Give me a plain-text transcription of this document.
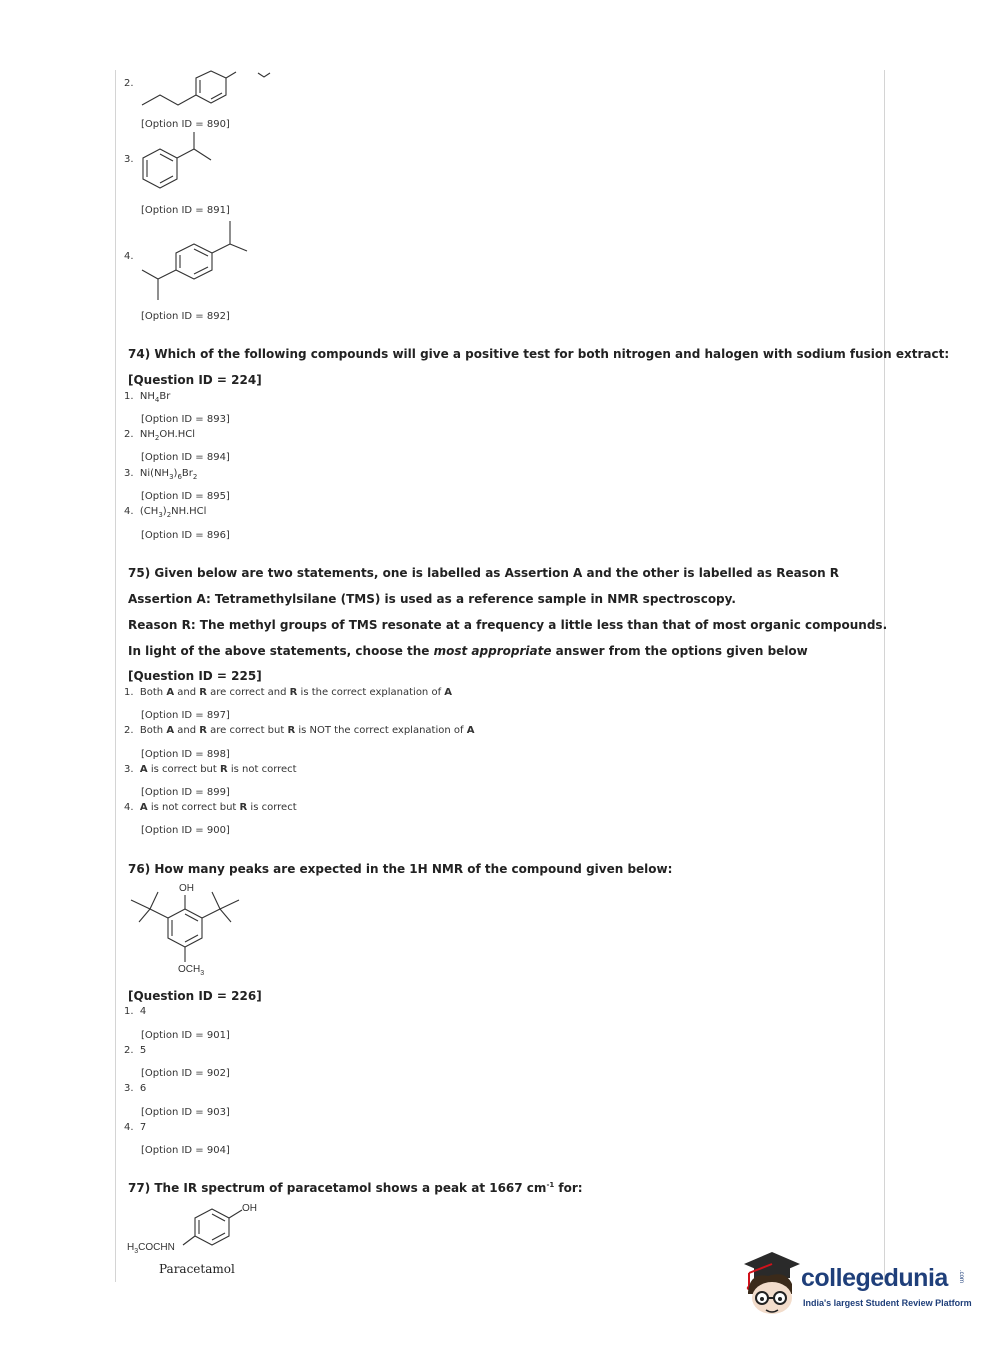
2.
[Option ID = 890]
3.
[Option ID = 891]
4.
[Option ID = 892]
74) Which of the following compounds will give a positive test for both nitrogen and halogen with sodium fusion extract:
[Question ID = 224]
1. $NH_4Br$
[Option ID = 893]
2. $NH_2OH.HCl$
[Option ID = 894]
3. $Ni(NH_3)_6Br_2$
[Option ID = 895]
4. $(CH_3)_2NH.HCl$
[Option ID = 896]
75) Given below are two statements, one is labelled as Assertion A and the other is labelled as Reason R
Assertion A: Tetramethylsilane (TMS) is used as a reference sample in NMR spectroscopy.
Reason R: The methyl groups of TMS resonate at a frequency a little less than that of most organic compounds.
In light of the above statements, choose the most appropriate answer from the options given below
[Question ID = 225]
1. Both A and R are correct and R is the correct explanation of A
[Option ID = 897]
2. Both A and R are correct but R is NOT the correct explanation of A
[Option ID = 898]
3. A is correct but R is not correct
[Option ID = 899]
4. A is not correct but R is correct
[Option ID = 900]
76) How many peaks are expected in the 1H NMR of the compound given below:
OH
$OCH_3$
[Question ID = 226]
1. 4
[Option ID = 901]
2. 5
[Option ID = 902]
3. 6
[Option ID = 903]
4. 7
[Option ID = 904]
77) The IR spectrum of paracetamol shows a peak at 1667 $cm^{-1}$ for:
OH
$H_3COCHN$
Paracetamol	collegedunia .com
India's largest Student Review Platform
